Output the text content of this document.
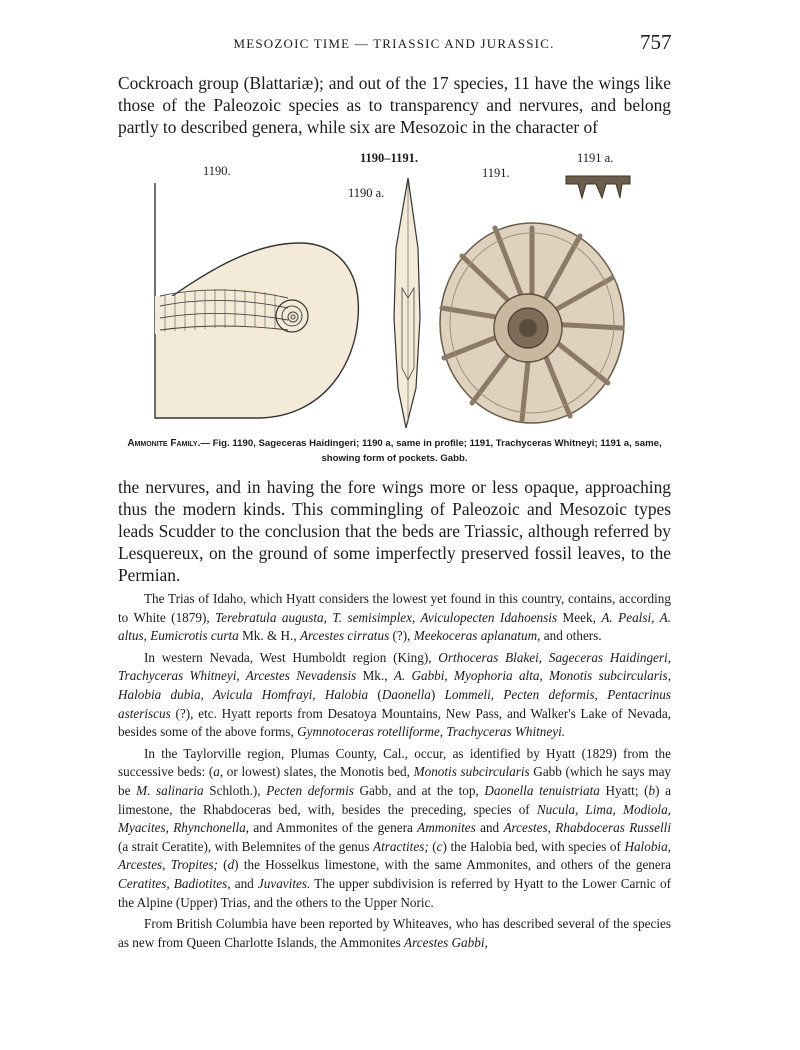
MESOZOIC TIME — TRIASSIC AND JURASSIC.	757

Cockroach group (Blattariæ); and out of the 17 species, 11 have the wings like those of the Paleozoic species as to transparency and nervures, and belong partly to described genera, while six are Mesozoic in the character of

1190.
1190–1191.
1190 a.
1191.
1191 a.
Ammonite Family.— Fig. 1190, Sageceras Haidingeri; 1190 a, same in profile; 1191, Trachyceras Whitneyi; 1191 a, same, showing form of pockets. Gabb.

the nervures, and in having the fore wings more or less opaque, approaching thus the modern kinds. This commingling of Paleozoic and Mesozoic types leads Scudder to the conclusion that the beds are Triassic, although referred by Lesquereux, on the ground of some imperfectly preserved fossil leaves, to the Permian.

The Trias of Idaho, which Hyatt considers the lowest yet found in this country, contains, according to White (1879), Terebratula augusta, T. semisimplex, Aviculopecten Idahoensis Meek, A. Pealsi, A. altus, Eumicrotis curta Mk. & H., Arcestes cirratus (?), Meekoceras aplanatum, and others.

In western Nevada, West Humboldt region (King), Orthoceras Blakei, Sageceras Haidingeri, Trachyceras Whitneyi, Arcestes Nevadensis Mk., A. Gabbi, Myophoria alta, Monotis subcircularis, Halobia dubia, Avicula Homfrayi, Halobia (Daonella) Lommeli, Pecten deformis, Pentacrinus asteriscus (?), etc. Hyatt reports from Desatoya Mountains, New Pass, and Walker's Lake of Nevada, besides some of the above forms, Gymnotoceras rotelliforme, Trachyceras Whitneyi.

In the Taylorville region, Plumas County, Cal., occur, as identified by Hyatt (1829) from the successive beds: (a, or lowest) slates, the Monotis bed, Monotis subcircularis Gabb (which he says may be M. salinaria Schloth.), Pecten deformis Gabb, and at the top, Daonella tenuistriata Hyatt; (b) a limestone, the Rhabdoceras bed, with, besides the preceding, species of Nucula, Lima, Modiola, Myacites, Rhynchonella, and Ammonites of the genera Ammonites and Arcestes, Rhabdoceras Russelli (a strait Ceratite), with Belemnites of the genus Atractites; (c) the Halobia bed, with species of Halobia, Arcestes, Tropites; (d) the Hosselkus limestone, with the same Ammonites, and others of the genera Ceratites, Badiotites, and Juvavites. The upper subdivision is referred by Hyatt to the Lower Carnic of the Alpine (Upper) Trias, and the others to the Upper Noric.

From British Columbia have been reported by Whiteaves, who has described several of the species as new from Queen Charlotte Islands, the Ammonites Arcestes Gabbi,
